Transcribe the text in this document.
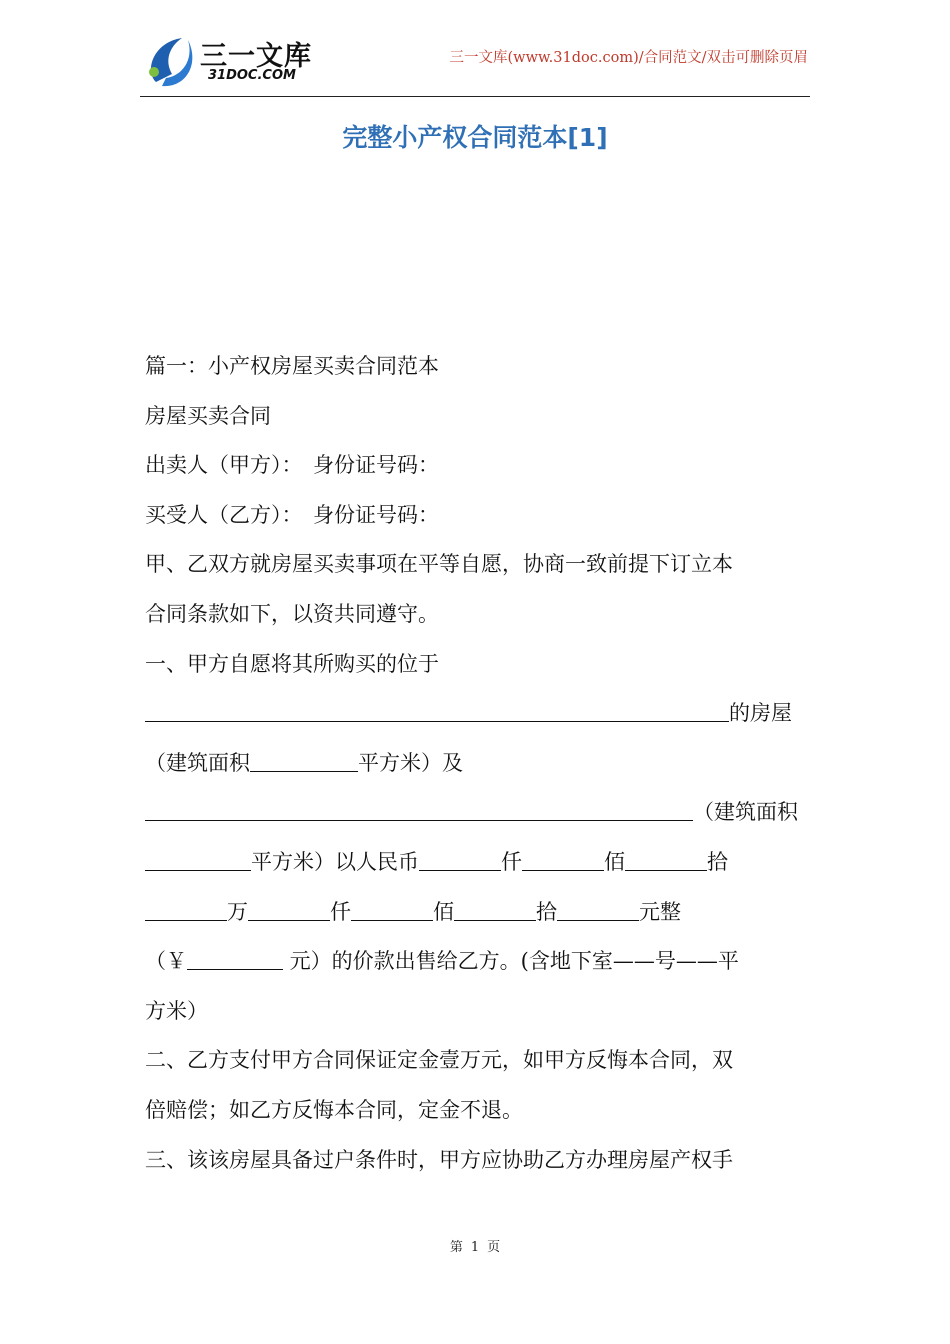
三一文库
31DOC.COM
三一文库(www.31doc.com)/合同范文/双击可删除页眉
完整小产权合同范本[1]

篇一：小产权房屋买卖合同范本

房屋买卖合同

出卖人（甲方）：　身份证号码：

买受人（乙方）：　身份证号码：

甲、乙双方就房屋买卖事项在平等自愿，协商一致前提下订立本

合同条款如下，以资共同遵守。

一、甲方自愿将其所购买的位于

的房屋

（建筑面积	平方米）及

（建筑面积

平方米）以人民币	仟	佰	拾

万	仟	佰	拾	元整

（￥	元）的价款出售给乙方。(含地下室——号——平

方米）

二、乙方支付甲方合同保证定金壹万元，如甲方反悔本合同，双

倍赔偿；如乙方反悔本合同，定金不退。

三、该该房屋具备过户条件时，甲方应协助乙方办理房屋产权手

第 1 页
